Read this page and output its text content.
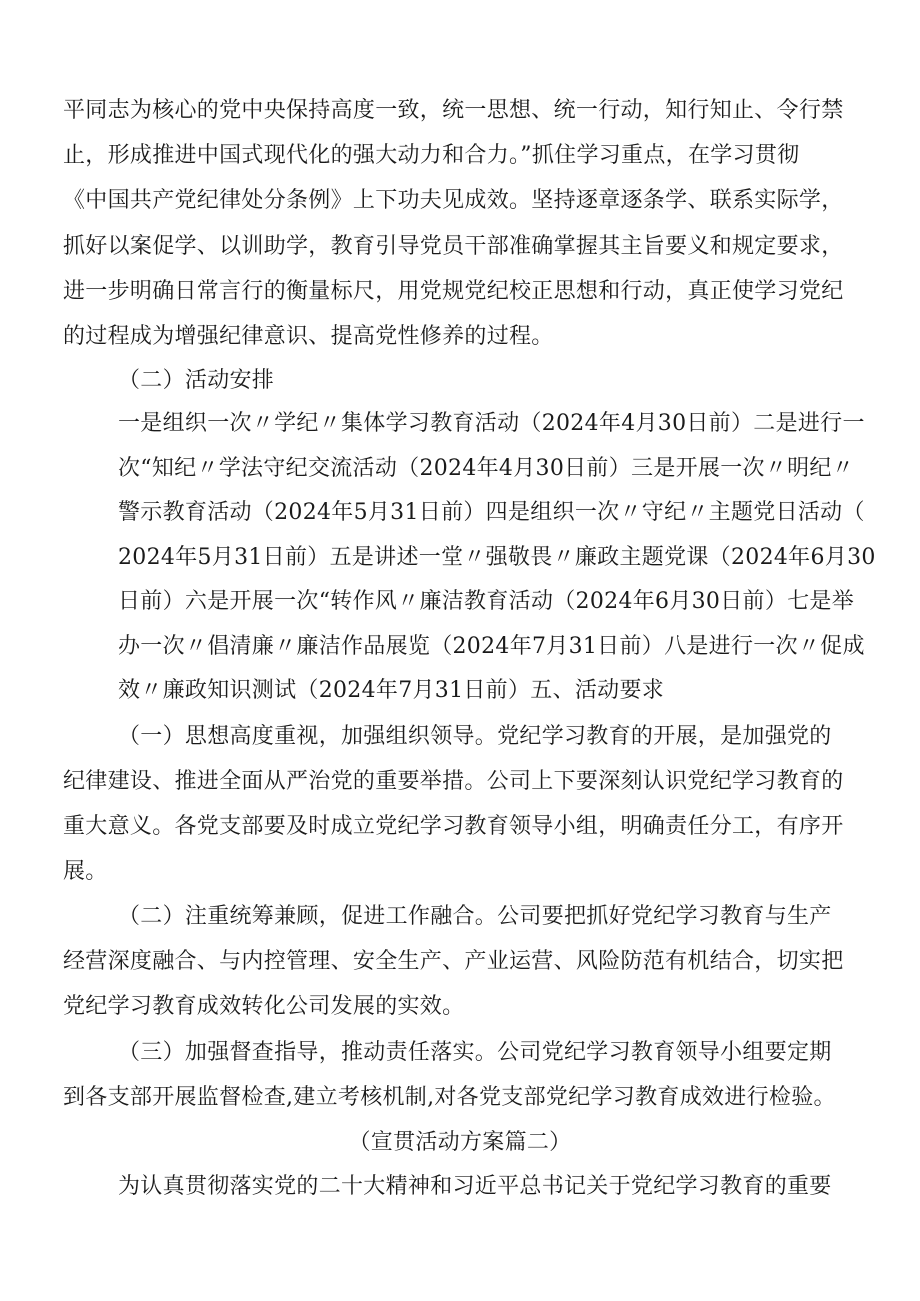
平同志为核心的党中央保持高度一致，统一思想、统一行动，知行知止、令行禁
止，形成推进中国式现代化的强大动力和合力。”抓住学习重点，在学习贯彻
《中国共产党纪律处分条例》上下功夫见成效。坚持逐章逐条学、联系实际学，
抓好以案促学、以训助学，教育引导党员干部准确掌握其主旨要义和规定要求，
进一步明确日常言行的衡量标尺，用党规党纪校正思想和行动，真正使学习党纪
的过程成为增强纪律意识、提高党性修养的过程。
（二）活动安排
一是组织一次〃学纪〃集体学习教育活动（2024年4月30日前）二是进行一
次“知纪〃学法守纪交流活动（2024年4月30日前）三是开展一次〃明纪〃
警示教育活动（2024年5月31日前）四是组织一次〃守纪〃主题党日活动（
2024年5月31日前）五是讲述一堂〃强敬畏〃廉政主题党课（2024年6月30
日前）六是开展一次“转作风〃廉洁教育活动（2024年6月30日前）七是举
办一次〃倡清廉〃廉洁作品展览（2024年7月31日前）八是进行一次〃促成
效〃廉政知识测试（2024年7月31日前）五、活动要求
（一）思想高度重视，加强组织领导。党纪学习教育的开展，是加强党的
纪律建设、推进全面从严治党的重要举措。公司上下要深刻认识党纪学习教育的
重大意义。各党支部要及时成立党纪学习教育领导小组，明确责任分工，有序开
展。
（二）注重统筹兼顾，促进工作融合。公司要把抓好党纪学习教育与生产
经营深度融合、与内控管理、安全生产、产业运营、风险防范有机结合，切实把
党纪学习教育成效转化公司发展的实效。
（三）加强督查指导，推动责任落实。公司党纪学习教育领导小组要定期
到各支部开展监督检查,建立考核机制,对各党支部党纪学习教育成效进行检验。
（宣贯活动方案篇二）
为认真贯彻落实党的二十大精神和习近平总书记关于党纪学习教育的重要
